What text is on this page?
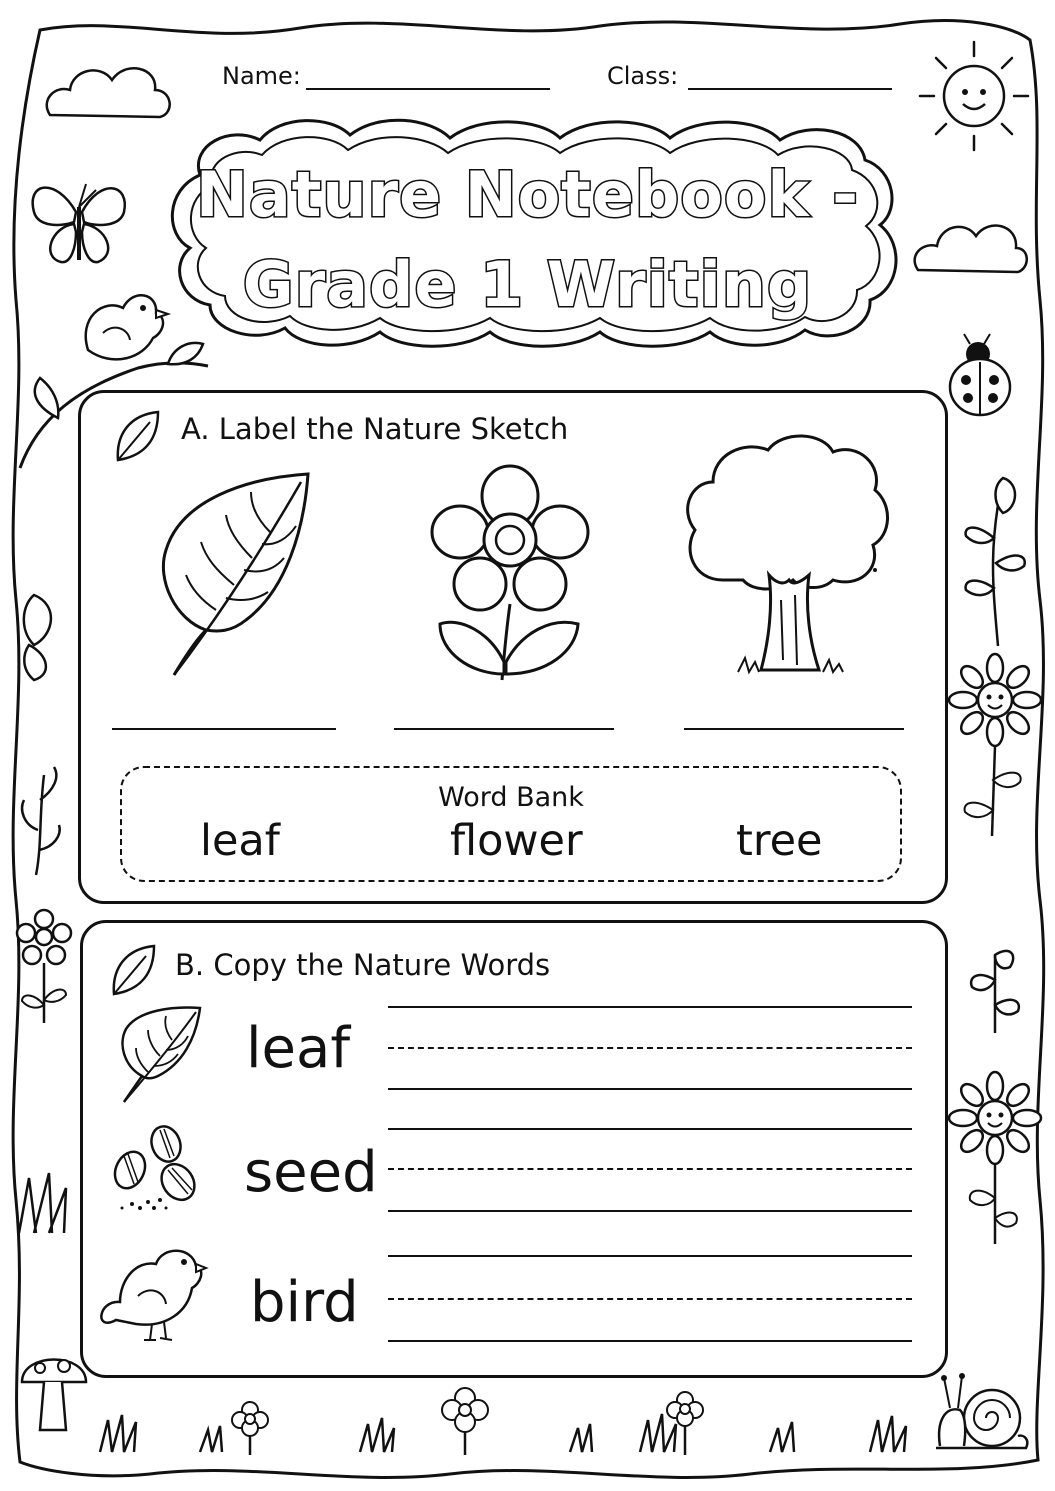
Name:	Class:
Nature Notebook -
Grade 1 Writing
A. Label the Nature Sketch
Word Bank
leaf	flower	tree
B. Copy the Nature Words
leaf
seed
bird
